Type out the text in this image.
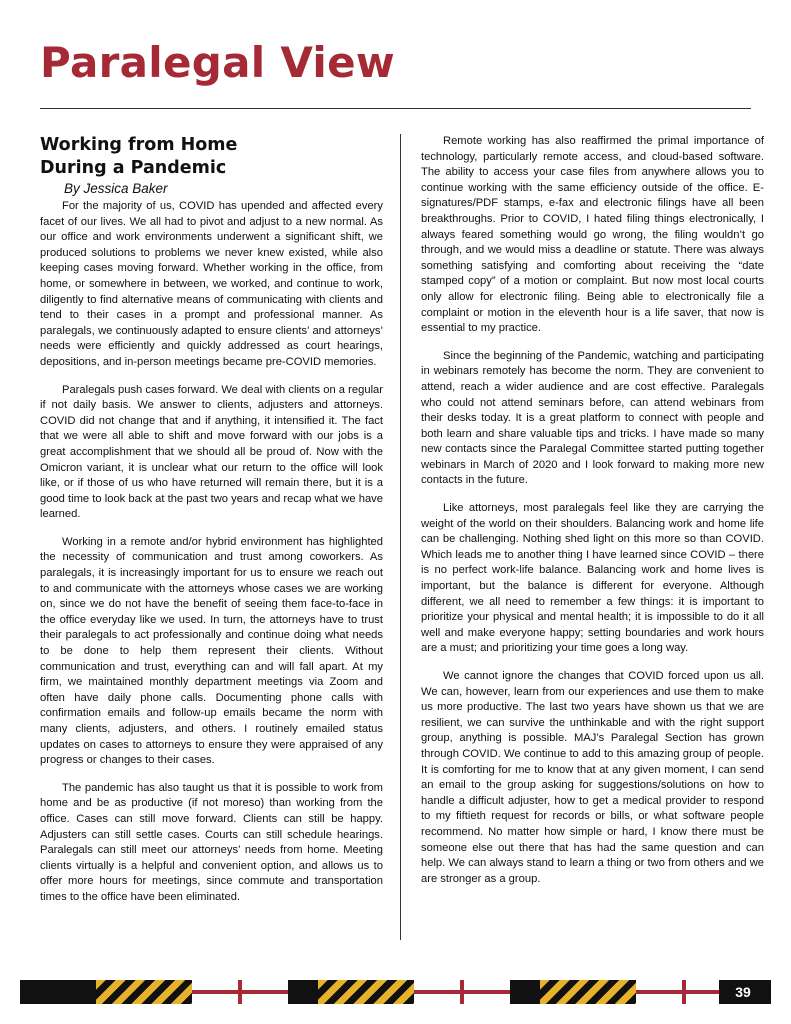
Paralegal View
Working from Home
During a Pandemic
By Jessica Baker

For the majority of us, COVID has upended and affected every facet of our lives. We all had to pivot and adjust to a new normal. As our office and work environments underwent a significant shift, we produced solutions to problems we never knew existed, while also keeping cases moving forward. Whether working in the office, from home, or somewhere in between, we worked, and continue to work, diligently to find alternative means of communicating with clients and tend to their cases in a prompt and professional manner. As paralegals, we continuously adapted to ensure clients’ and attorneys’ needs were efficiently and quickly addressed as court hearings, depositions, and in-person meetings became pre-COVID memories.

Paralegals push cases forward. We deal with clients on a regular if not daily basis. We answer to clients, adjusters and attorneys. COVID did not change that and if anything, it intensified it. The fact that we were all able to shift and move forward with our jobs is a great accomplishment that we should all be proud of. Now with the Omicron variant, it is unclear what our return to the office will look like, or if those of us who have returned will remain there, but it is a good time to look back at the past two years and recap what we have learned.

Working in a remote and/or hybrid environment has highlighted the necessity of communication and trust among coworkers. As paralegals, it is increasingly important for us to ensure we reach out to and communicate with the attorneys whose cases we are working on, since we do not have the benefit of seeing them face-to-face in the office everyday like we used. In turn, the attorneys have to trust their paralegals to act professionally and continue doing what needs to be done to help them represent their clients. Without communication and trust, everything can and will fall apart. At my firm, we maintained monthly department meetings via Zoom and often have daily phone calls. Documenting phone calls with confirmation emails and follow-up emails became the norm with many clients, adjusters, and others. I routinely emailed status updates on cases to attorneys to ensure they were appraised of any progress or changes to their cases.

The pandemic has also taught us that it is possible to work from home and be as productive (if not moreso) than working from the office. Cases can still move forward. Clients can still be happy. Adjusters can still settle cases. Courts can still schedule hearings. Paralegals can still meet our attorneys’ needs from home. Meeting clients virtually is a helpful and convenient option, and allows us to offer more hours for meetings, since commute and transportation times to the office have been eliminated.

Remote working has also reaffirmed the primal importance of technology, particularly remote access, and cloud-based software. The ability to access your case files from anywhere allows you to continue working with the same efficiency outside of the office. E-signatures/PDF stamps, e-fax and electronic filings have all been breakthroughs. Prior to COVID, I hated filing things electronically, I always feared something would go wrong, the filing wouldn’t go through, and we would miss a deadline or statute. There was always something satisfying and comforting about receiving the “date stamped copy” of a motion or complaint. But now most local courts only allow for electronic filing. Being able to electronically file a complaint or motion in the eleventh hour is a life saver, that now is essential to my practice.

Since the beginning of the Pandemic, watching and participating in webinars remotely has become the norm. They are convenient to attend, reach a wider audience and are cost effective. Paralegals who could not attend seminars before, can attend webinars from their desks today. It is a great platform to connect with people and both learn and share valuable tips and tricks. I have made so many new contacts since the Paralegal Committee started putting together webinars in March of 2020 and I look forward to making more new contacts in the future.

Like attorneys, most paralegals feel like they are carrying the weight of the world on their shoulders. Balancing work and home life can be challenging. Nothing shed light on this more so than COVID. Which leads me to another thing I have learned since COVID – there is no perfect work-life balance. Balancing work and home lives is important, but the balance is different for everyone. Although different, we all need to remember a few things: it is important to prioritize your physical and mental health; it is impossible to do it all well and make everyone happy; setting boundaries and work hours are a must; and prioritizing your time goes a long way.

We cannot ignore the changes that COVID forced upon us all. We can, however, learn from our experiences and use them to make us more productive. The last two years have shown us that we are resilient, we can survive the unthinkable and with the right support group, anything is possible. MAJ’s Paralegal Section has grown through COVID. We continue to add to this amazing group of people. It is comforting for me to know that at any given moment, I can send an email to the group asking for suggestions/solutions on how to handle a difficult adjuster, how to get a medical provider to respond to my fiftieth request for records or bills, or what software people recommend. No matter how simple or hard, I know there must be someone else out there that has had the same question and can help. We can always stand to learn a thing or two from others and we are stronger as a group.

39
